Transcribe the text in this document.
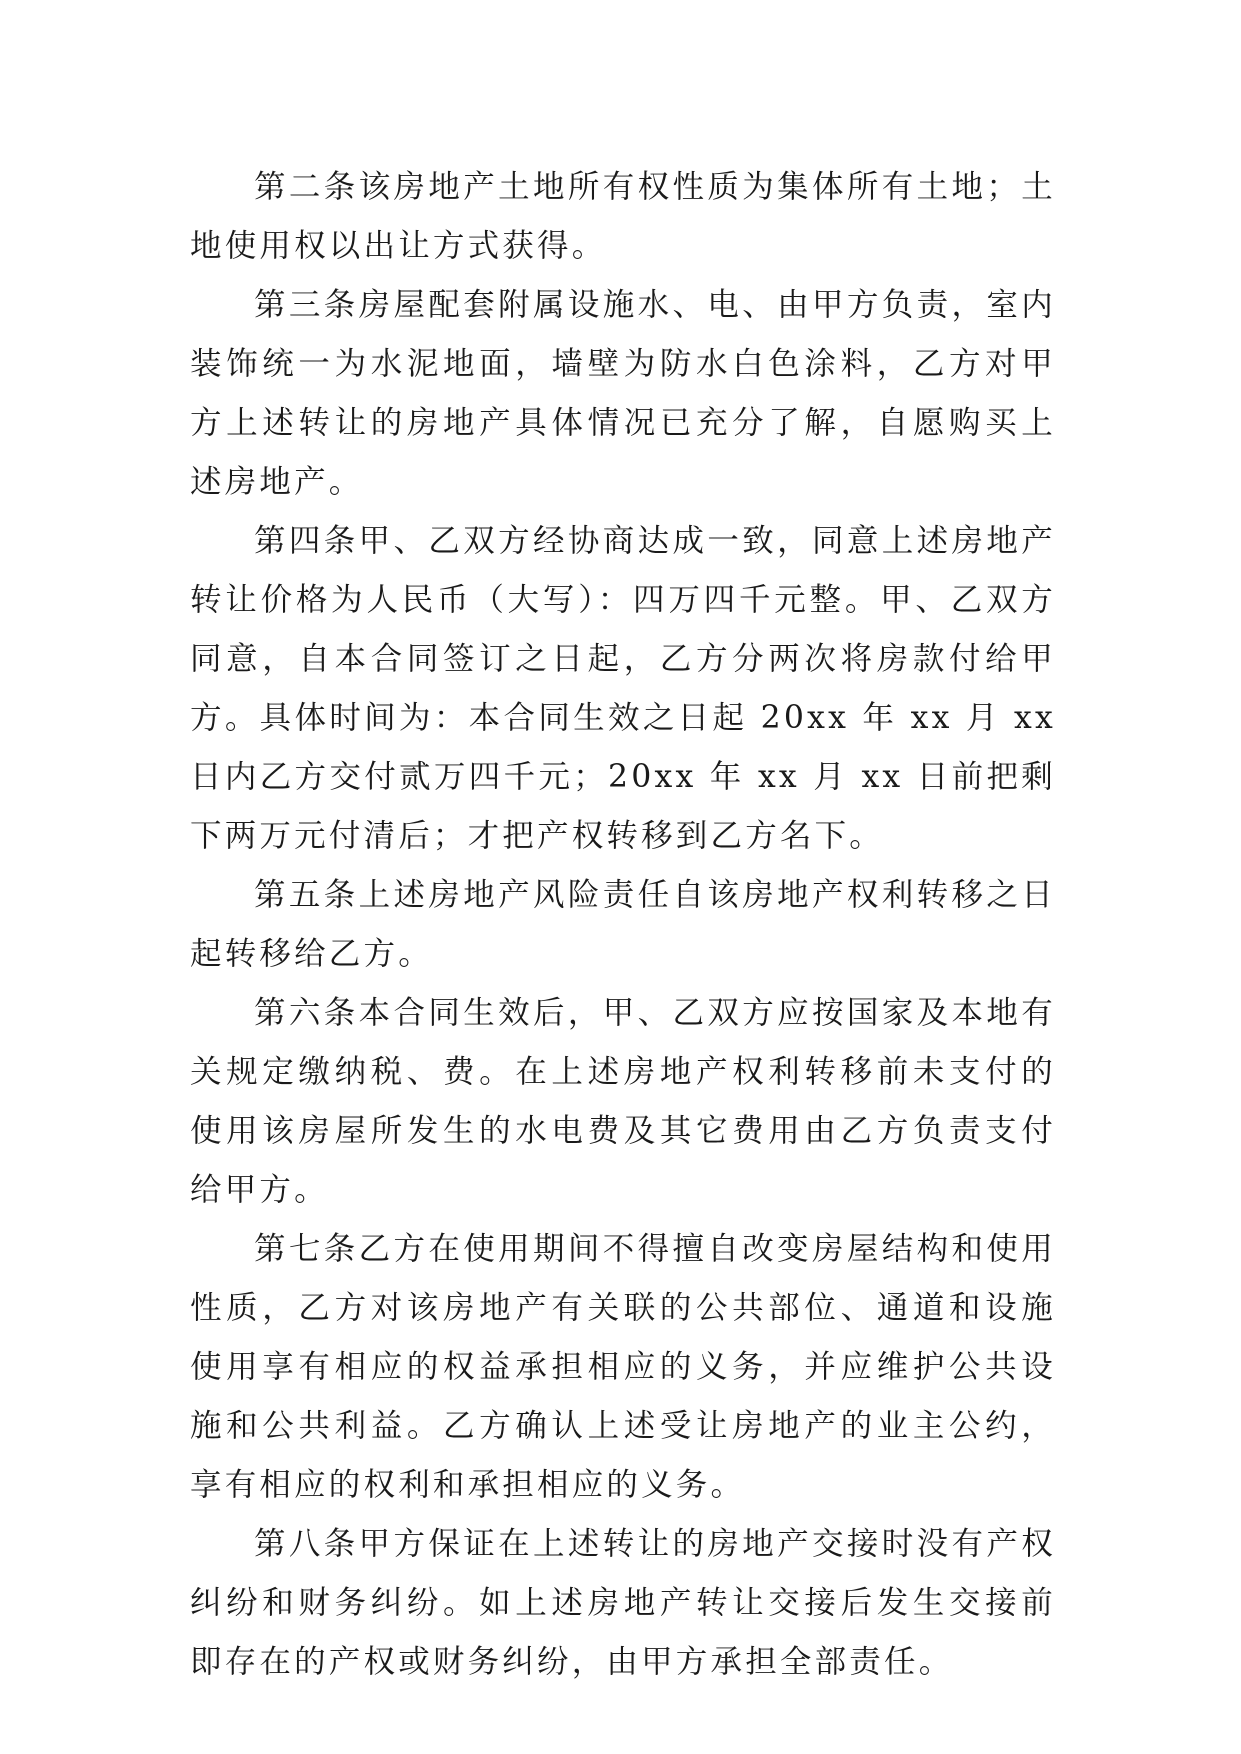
第二条该房地产土地所有权性质为集体所有土地；土地使用权以出让方式获得。

第三条房屋配套附属设施水、电、由甲方负责，室内装饰统一为水泥地面，墙壁为防水白色涂料，乙方对甲方上述转让的房地产具体情况已充分了解，自愿购买上述房地产。

第四条甲、乙双方经协商达成一致，同意上述房地产转让价格为人民币（大写）：四万四千元整。甲、乙双方同意，自本合同签订之日起，乙方分两次将房款付给甲方。具体时间为：本合同生效之日起 20xx 年 xx 月 xx 日内乙方交付贰万四千元；20xx 年 xx 月 xx 日前把剩下两万元付清后；才把产权转移到乙方名下。

第五条上述房地产风险责任自该房地产权利转移之日起转移给乙方。

第六条本合同生效后，甲、乙双方应按国家及本地有关规定缴纳税、费。在上述房地产权利转移前未支付的使用该房屋所发生的水电费及其它费用由乙方负责支付给甲方。

第七条乙方在使用期间不得擅自改变房屋结构和使用性质，乙方对该房地产有关联的公共部位、通道和设施使用享有相应的权益承担相应的义务，并应维护公共设施和公共利益。乙方确认上述受让房地产的业主公约，享有相应的权利和承担相应的义务。

第八条甲方保证在上述转让的房地产交接时没有产权纠纷和财务纠纷。如上述房地产转让交接后发生交接前即存在的产权或财务纠纷，由甲方承担全部责任。
